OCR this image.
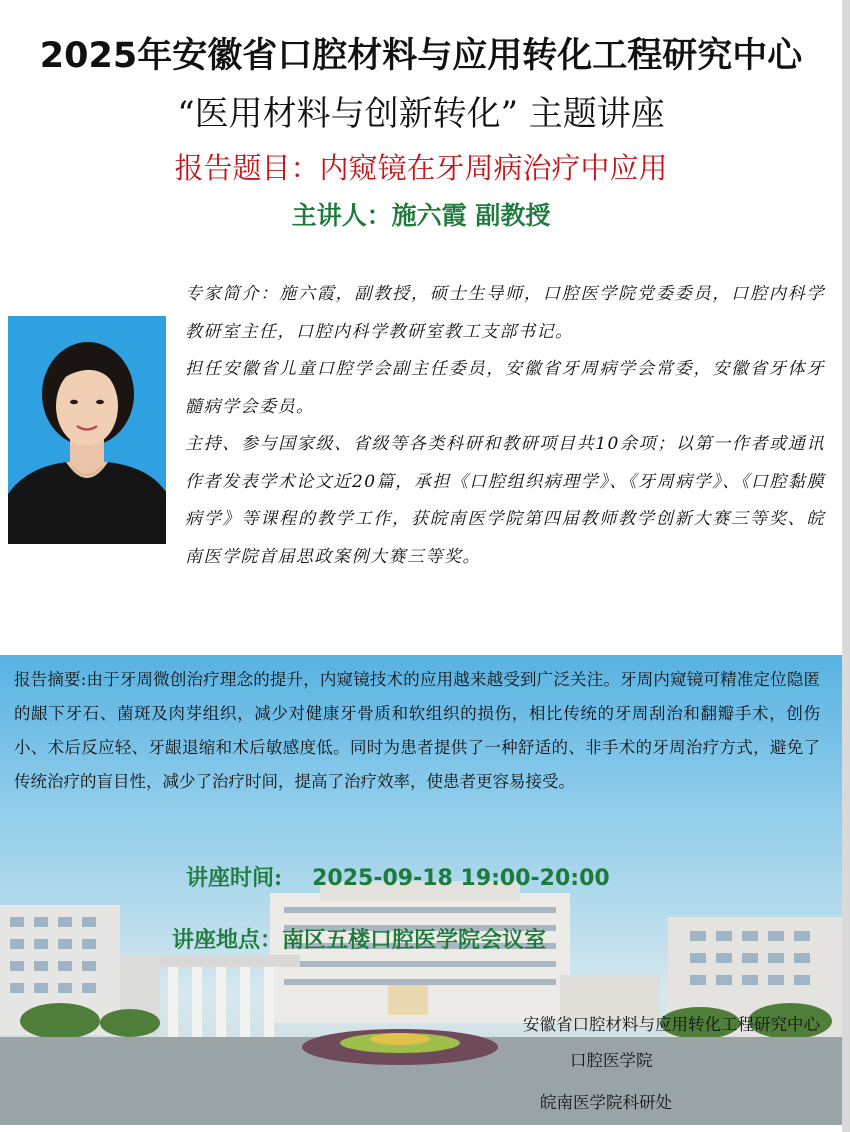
2025年安徽省口腔材料与应用转化工程研究中心
“医用材料与创新转化” 主题讲座
报告题目：内窥镜在牙周病治疗中应用
主讲人：施六霞 副教授

专家简介：施六霞，副教授，硕士生导师，口腔医学院党委委员，口腔内科学教研室主任，口腔内科学教研室教工支部书记。

担任安徽省儿童口腔学会副主任委员，安徽省牙周病学会常委，安徽省牙体牙髓病学会委员。

主持、参与国家级、省级等各类科研和教研项目共10余项；以第一作者或通讯作者发表学术论文近20篇，承担《口腔组织病理学》、《牙周病学》、《口腔黏膜病学》等课程的教学工作，获皖南医学院第四届教师教学创新大赛三等奖、皖南医学院首届思政案例大赛三等奖。

报告摘要:由于牙周微创治疗理念的提升，内窥镜技术的应用越来越受到广泛关注。牙周内窥镜可精准定位隐匿的龈下牙石、菌斑及肉芽组织，减少对健康牙骨质和软组织的损伤，相比传统的牙周刮治和翻瓣手术，创伤小、术后反应轻、牙龈退缩和术后敏感度低。同时为患者提供了一种舒适的、非手术的牙周治疗方式，避免了传统治疗的盲目性，减少了治疗时间，提高了治疗效率，使患者更容易接受。
讲座时间: 2025-09-18 19:00-20:00
讲座地点：南区五楼口腔医学院会议室
安徽省口腔材料与应用转化工程研究中心
口腔医学院
皖南医学院科研处
